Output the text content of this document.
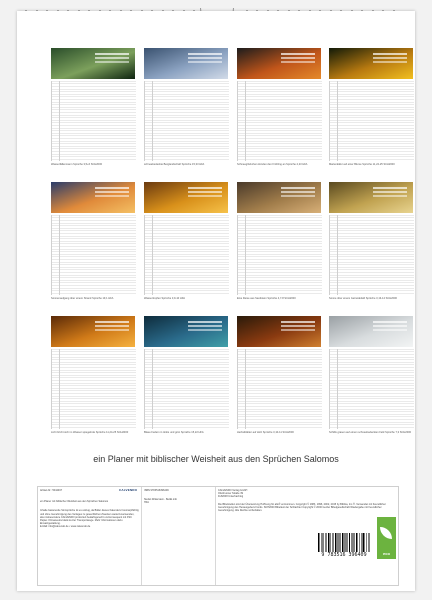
Wasserfällenmann Sprüche 3,5+6 SCH2000	schneebedeckte Berglandschaft Sprüche 15,33 HFA	Schneeglöckchen künden den Frühling an Sprüche 4,23 HFA	Marienkäfer auf einer Blume Sprüche 11,24-25 SCH2000
Sonnenaufgang über einem Strand Sprüche 19,1 HFA	Wassertropfen Sprüche 3,9-10 HFA	Eine Reise aus Sandstein Sprüche 4,7-8 SCH2000	Sonne über einem Getreidefeld Sprüche 3,13-14 SCH2000
Licht bricht sich im Wasser spiegelnde Sprüche 11,24-25 SCH2000	Blaue Federn in türkis und grün Sprüche 15,22 HFA	Herbstblätter auf Holz Sprüche 3,10-11 SCH2000	Schilfe grasen auf einem schneebedeckten Feld Sprüche 7,3 SCH2000
ein Planer mit biblischer Weisheit aus den Sprüchen Salomos
Artikel-Nr.: 5044467	CALVENDO
ein Planer mit biblischer Weisheit aus den Sprüchen Salomos
Inhalte basierende Sinnsprüche ist es unklug, da Bilder dieses Kalenders honorarpflichtig und ohne Genehmigung des Verlages zu gewerblichen Zwecken weiterzuverwenden, also insbesondere CALVENDO produziert bedarfsgerecht und konsequent mit FSC Papier. Klimaneutral dank kurzer Transportwege. Mehr Informationen dazu Einsatzgestaltung.
E-Mail: info@calvendo.de • www.calvendo.de
ISBN 9783516396409
Stefan Widerstein - Bettki.info
HFA
CALVENDO Verlag GmbH
Ottobrunner Straße 39
D-82008 Unterhaching
Die Bibelstellen sind der Übersetzung Hoffnung für alle® entnommen. Copyright © 1983, 1996, 2002, 2015 by Biblica, Inc.®. Verwendet mit freundlicher Genehmigung des Herausgebers Fontis. SCH2000 Bibeltext der Schlachter Copyright © 2000 Genfer Bibelgesellschaft Wiedergabe mit freundlicher Genehmigung. Alle Rechte vorbehalten.
9 783516 396409	eco
